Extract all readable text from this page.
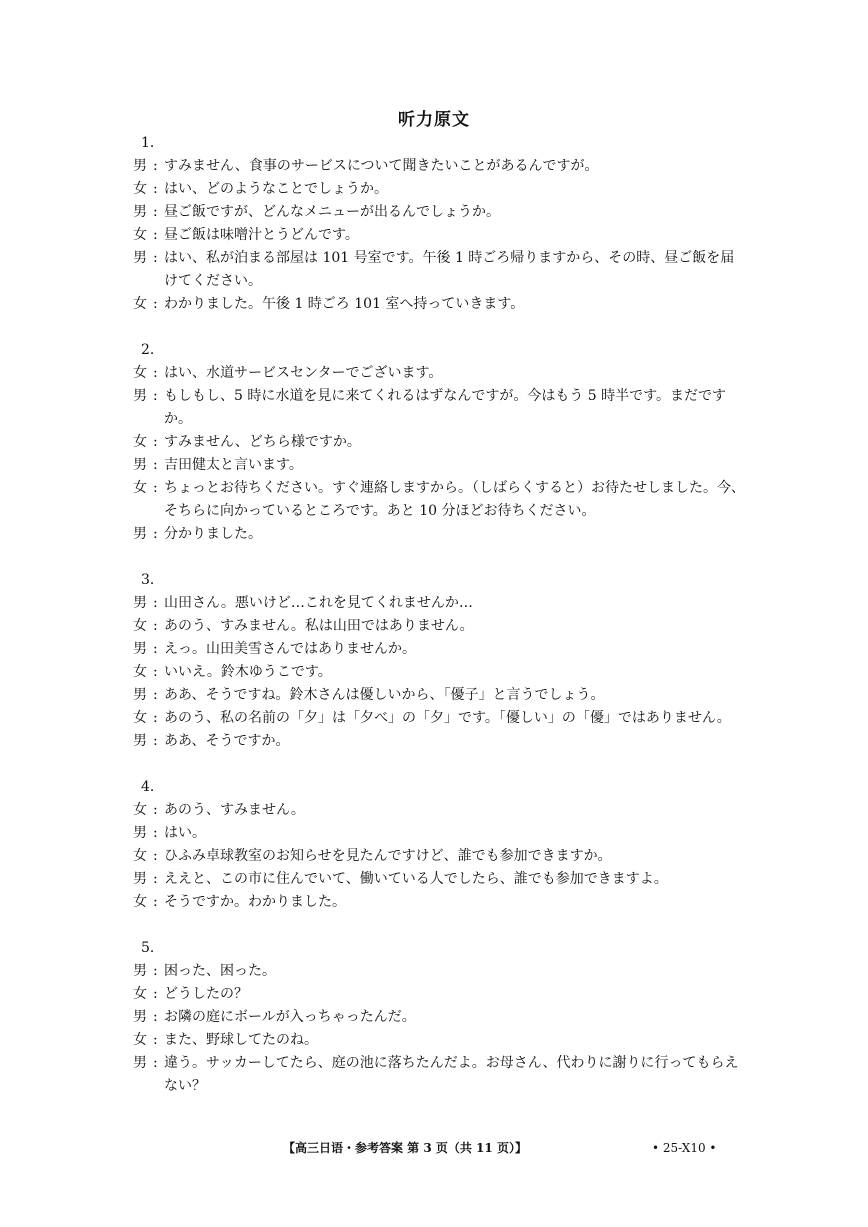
听力原文
1．
男 : すみません、食事のサービスについて聞きたいことがあるんですが。
女 : はい、どのようなことでしょうか。
男 : 昼ご飯ですが、どんなメニューが出るんでしょうか。
女 : 昼ご飯は味噌汁とうどんです。
男 : はい、私が泊まる部屋は 101 号室です。午後 1 時ごろ帰りますから、その時、昼ご飯を届けてください。
女 : わかりました。午後 1 時ごろ 101 室へ持っていきます。
2．
女 : はい、水道サービスセンターでございます。
男 : もしもし、5 時に水道を見に来てくれるはずなんですが。今はもう 5 時半です。まだですか。
女 : すみません、どちら様ですか。
男 : 吉田健太と言います。
女 : ちょっとお待ちください。すぐ連絡しますから。（しばらくすると）お待たせしました。今、そちらに向かっているところです。あと 10 分ほどお待ちください。
男 : 分かりました。
3．
男 : 山田さん。悪いけど…これを見てくれませんか…
女 : あのう、すみません。私は山田ではありません。
男 : えっ。山田美雪さんではありませんか。
女 : いいえ。鈴木ゆうこです。
男 : ああ、そうですね。鈴木さんは優しいから、「優子」と言うでしょう。
女 : あのう、私の名前の「夕」は「夕べ」の「夕」です。「優しい」の「優」ではありません。
男 : ああ、そうですか。
4．
女 : あのう、すみません。
男 : はい。
女 : ひふみ卓球教室のお知らせを見たんですけど、誰でも参加できますか。
男 : ええと、この市に住んでいて、働いている人でしたら、誰でも参加できますよ。
女 : そうですか。わかりました。
5．
男 : 困った、困った。
女 : どうしたの？
男 : お隣の庭にボールが入っちゃったんだ。
女 : また、野球してたのね。
男 : 違う。サッカーしてたら、庭の池に落ちたんだよ。お母さん、代わりに謝りに行ってもらえない？
【高三日语・参考答案 第 3 页（共 11 页）】	• 25-X10 •
